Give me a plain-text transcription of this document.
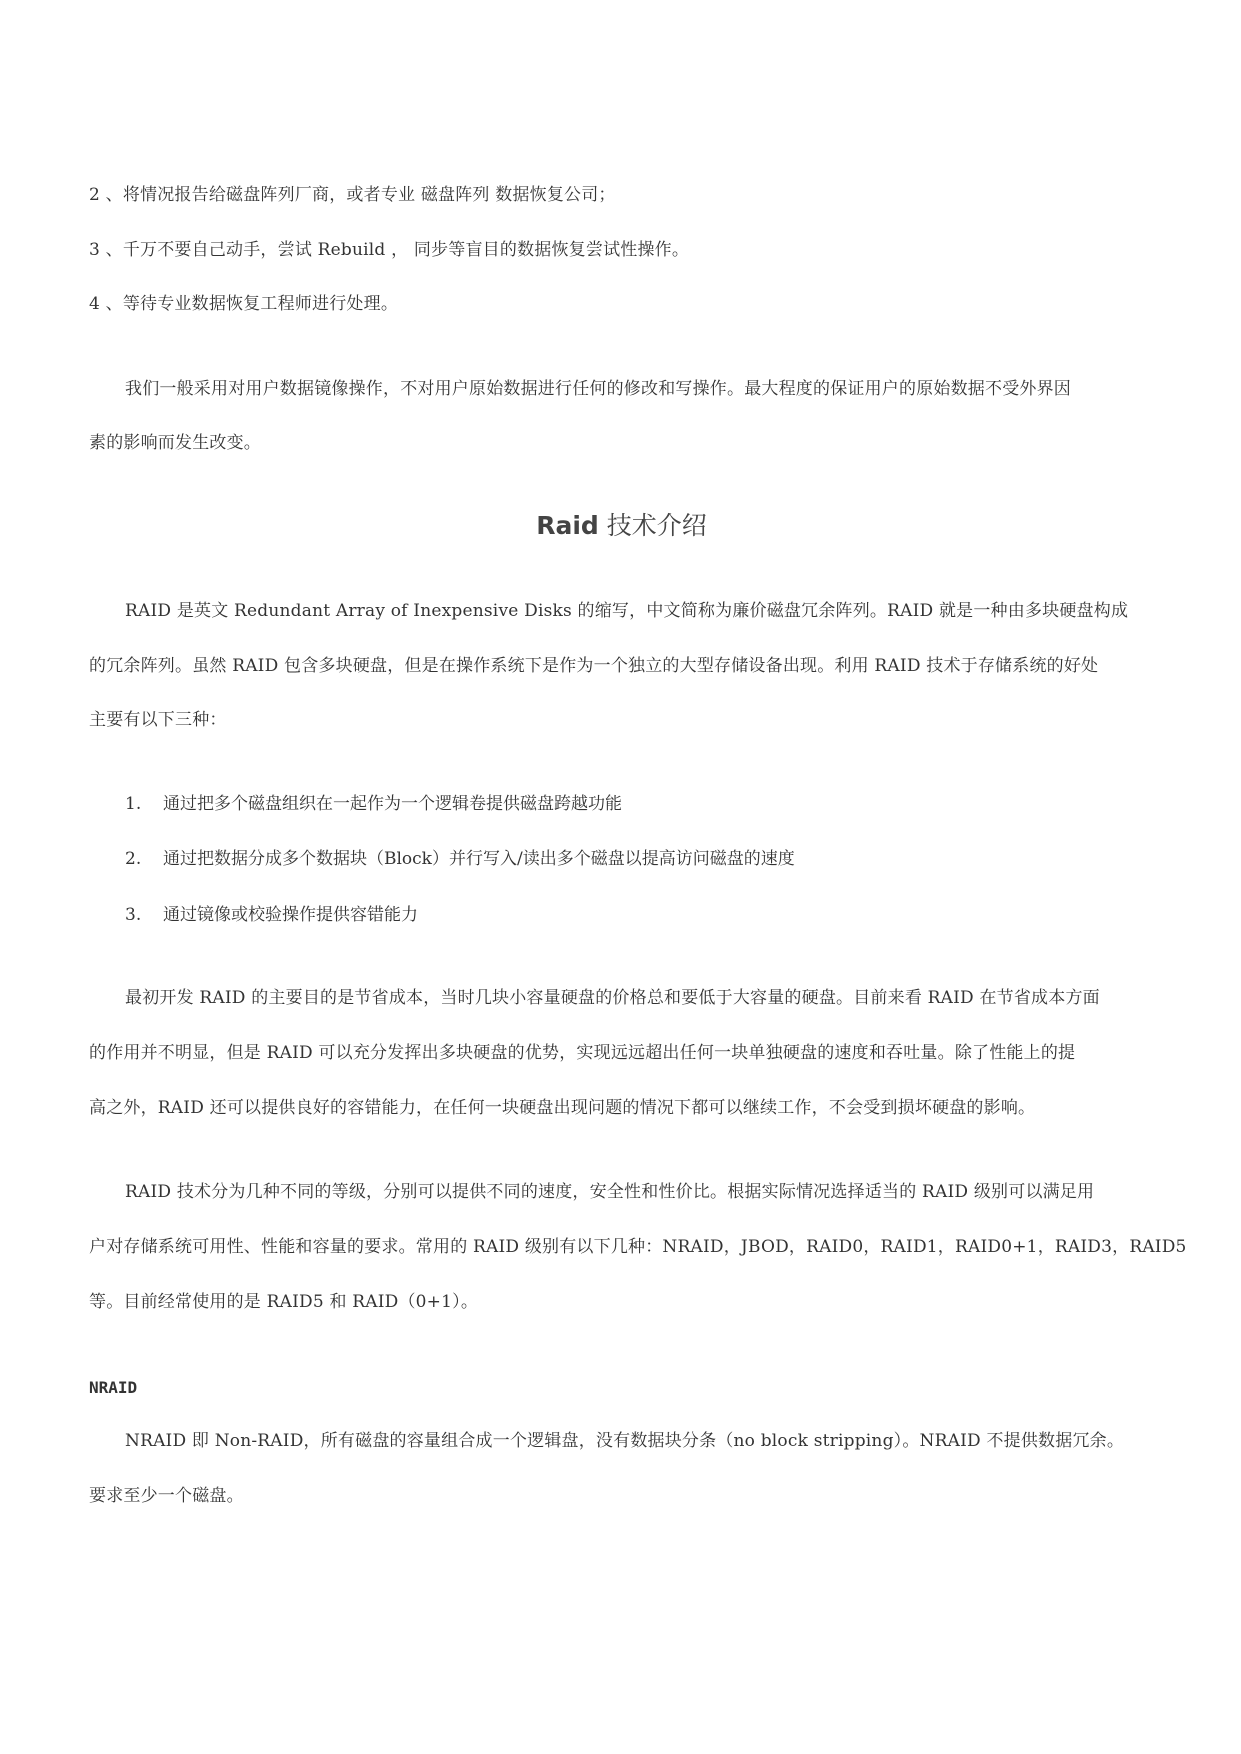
2 、将情况报告给磁盘阵列厂商，或者专业 磁盘阵列 数据恢复公司；
3 、千万不要自己动手，尝试 Rebuild ， 同步等盲目的数据恢复尝试性操作。
4 、等待专业数据恢复工程师进行处理。
我们一般采用对用户数据镜像操作，不对用户原始数据进行任何的修改和写操作。最大程度的保证用户的原始数据不受外界因
素的影响而发生改变。
Raid 技术介绍
RAID 是英文 Redundant Array of Inexpensive Disks 的缩写，中文简称为廉价磁盘冗余阵列。RAID 就是一种由多块硬盘构成
的冗余阵列。虽然 RAID 包含多块硬盘，但是在操作系统下是作为一个独立的大型存储设备出现。利用 RAID 技术于存储系统的好处
主要有以下三种：
1. 通过把多个磁盘组织在一起作为一个逻辑卷提供磁盘跨越功能
2. 通过把数据分成多个数据块（Block）并行写入/读出多个磁盘以提高访问磁盘的速度
3. 通过镜像或校验操作提供容错能力
最初开发 RAID 的主要目的是节省成本，当时几块小容量硬盘的价格总和要低于大容量的硬盘。目前来看 RAID 在节省成本方面
的作用并不明显，但是 RAID 可以充分发挥出多块硬盘的优势，实现远远超出任何一块单独硬盘的速度和吞吐量。除了性能上的提
高之外，RAID 还可以提供良好的容错能力，在任何一块硬盘出现问题的情况下都可以继续工作，不会受到损坏硬盘的影响。
RAID 技术分为几种不同的等级，分别可以提供不同的速度，安全性和性价比。根据实际情况选择适当的 RAID 级别可以满足用
户对存储系统可用性、性能和容量的要求。常用的 RAID 级别有以下几种：NRAID，JBOD，RAID0，RAID1，RAID0+1，RAID3，RAID5
等。目前经常使用的是 RAID5 和 RAID（0+1）。
NRAID
NRAID 即 Non-RAID，所有磁盘的容量组合成一个逻辑盘，没有数据块分条（no block stripping）。NRAID 不提供数据冗余。
要求至少一个磁盘。
